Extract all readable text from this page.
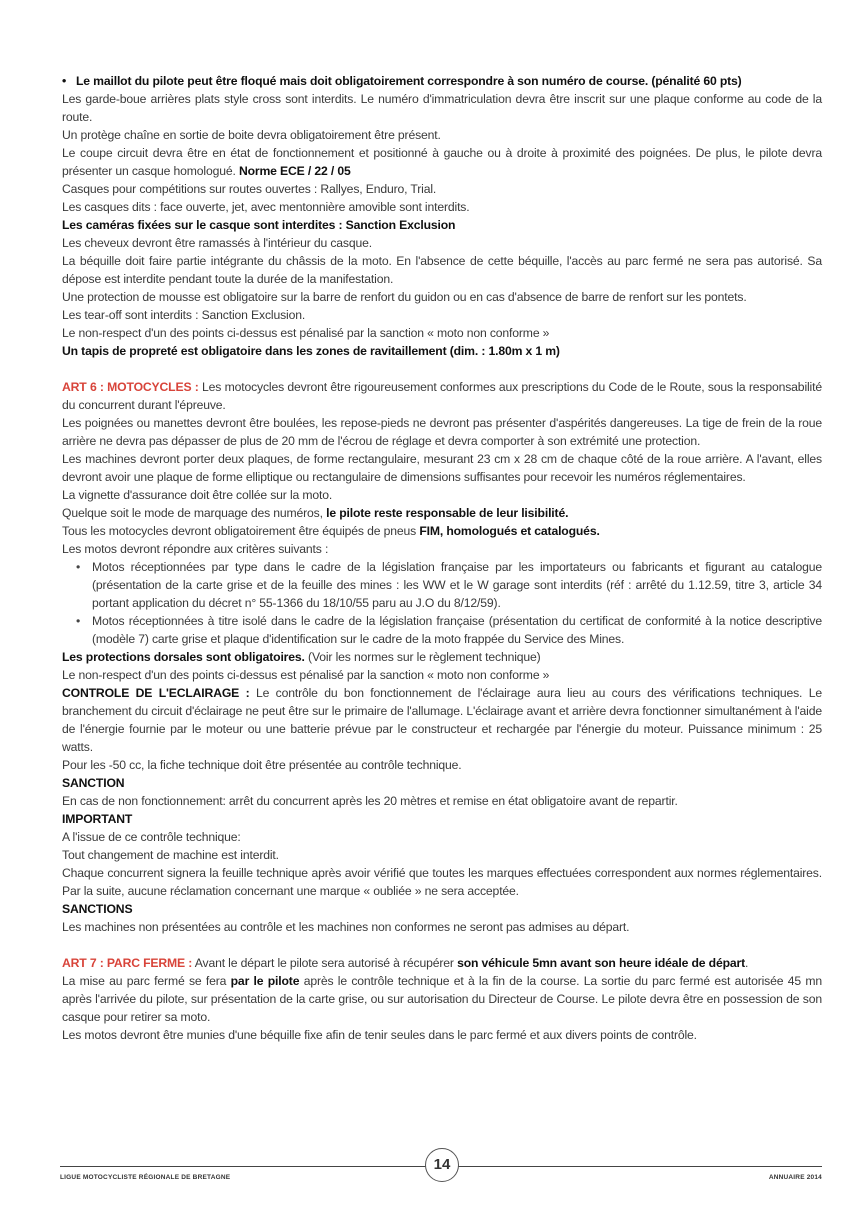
• Le maillot du pilote peut être floqué mais doit obligatoirement correspondre à son numéro de course. (pénalité 60 pts)

Les garde-boue arrières plats style cross sont interdits. Le numéro d'immatriculation devra être inscrit sur une plaque conforme au code de la route.

Un protège chaîne en sortie de boite devra obligatoirement être présent.

Le coupe circuit devra être en état de fonctionnement et positionné à gauche ou à droite à proximité des poignées. De plus, le pilote devra présenter un casque homologué. Norme ECE / 22 / 05

Casques pour compétitions sur routes ouvertes : Rallyes, Enduro, Trial.

Les casques dits : face ouverte, jet, avec mentonnière amovible sont interdits.

Les caméras fixées sur le casque sont interdites : Sanction Exclusion

Les cheveux devront être ramassés à l'intérieur du casque.

La béquille doit faire partie intégrante du châssis de la moto. En l'absence de cette béquille, l'accès au parc fermé ne sera pas autorisé. Sa dépose est interdite pendant toute la durée de la manifestation.

Une protection de mousse est obligatoire sur la barre de renfort du guidon ou en cas d'absence de barre de renfort sur les pontets.

Les tear-off sont interdits : Sanction Exclusion.

Le non-respect d'un des points ci-dessus est pénalisé par la sanction « moto non conforme »

Un tapis de propreté est obligatoire dans les zones de ravitaillement (dim. : 1.80m x 1 m)

ART 6 : MOTOCYCLES : Les motocycles devront être rigoureusement conformes aux prescriptions du Code de le Route, sous la responsabilité du concurrent durant l'épreuve.

Les poignées ou manettes devront être boulées, les repose-pieds ne devront pas présenter d'aspérités dangereuses. La tige de frein de la roue arrière ne devra pas dépasser de plus de 20 mm de l'écrou de réglage et devra comporter à son extrémité une protection.

Les machines devront porter deux plaques, de forme rectangulaire, mesurant 23 cm x 28 cm de chaque côté de la roue arrière. A l'avant, elles devront avoir une plaque de forme elliptique ou rectangulaire de dimensions suffisantes pour recevoir les numéros réglementaires.

La vignette d'assurance doit être collée sur la moto.

Quelque soit le mode de marquage des numéros, le pilote reste responsable de leur lisibilité.

Tous les motocycles devront obligatoirement être équipés de pneus FIM, homologués et catalogués.

Les motos devront répondre aux critères suivants :

• Motos réceptionnées par type dans le cadre de la législation française par les importateurs ou fabricants et figurant au catalogue (présentation de la carte grise et de la feuille des mines : les WW et le W garage sont interdits (réf : arrêté du 1.12.59, titre 3, article 34 portant application du décret n° 55-1366 du 18/10/55 paru au J.O du 8/12/59).
• Motos réceptionnées à titre isolé dans le cadre de la législation française (présentation du certificat de conformité à la notice descriptive (modèle 7) carte grise et plaque d'identification sur le cadre de la moto frappée du Service des Mines.

Les protections dorsales sont obligatoires. (Voir les normes sur le règlement technique)

Le non-respect d'un des points ci-dessus est pénalisé par la sanction « moto non conforme »

CONTROLE DE L'ECLAIRAGE : Le contrôle du bon fonctionnement de l'éclairage aura lieu au cours des vérifications techniques. Le branchement du circuit d'éclairage ne peut être sur le primaire de l'allumage. L'éclairage avant et arrière devra fonctionner simultanément à l'aide de l'énergie fournie par le moteur ou une batterie prévue par le constructeur et rechargée par l'énergie du moteur. Puissance minimum : 25 watts.

Pour les -50 cc, la fiche technique doit être présentée au contrôle technique.

SANCTION

En cas de non fonctionnement: arrêt du concurrent après les 20 mètres et remise en état obligatoire avant de repartir.

IMPORTANT

A l'issue de ce contrôle technique:

Tout changement de machine est interdit.

Chaque concurrent signera la feuille technique après avoir vérifié que toutes les marques effectuées correspondent aux normes réglementaires. Par la suite, aucune réclamation concernant une marque « oubliée » ne sera acceptée.

SANCTIONS

Les machines non présentées au contrôle et les machines non conformes ne seront pas admises au départ.

ART 7 : PARC FERME : Avant le départ le pilote sera autorisé à récupérer son véhicule 5mn avant son heure idéale de départ.

La mise au parc fermé se fera par le pilote après le contrôle technique et à la fin de la course. La sortie du parc fermé est autorisée 45 mn après l'arrivée du pilote, sur présentation de la carte grise, ou sur autorisation du Directeur de Course. Le pilote devra être en possession de son casque pour retirer sa moto.

Les motos devront être munies d'une béquille fixe afin de tenir seules dans le parc fermé et aux divers points de contrôle.

LIGUE MOTOCYCLISTE RÉGIONALE DE BRETAGNE
14
ANNUAIRE 2014
